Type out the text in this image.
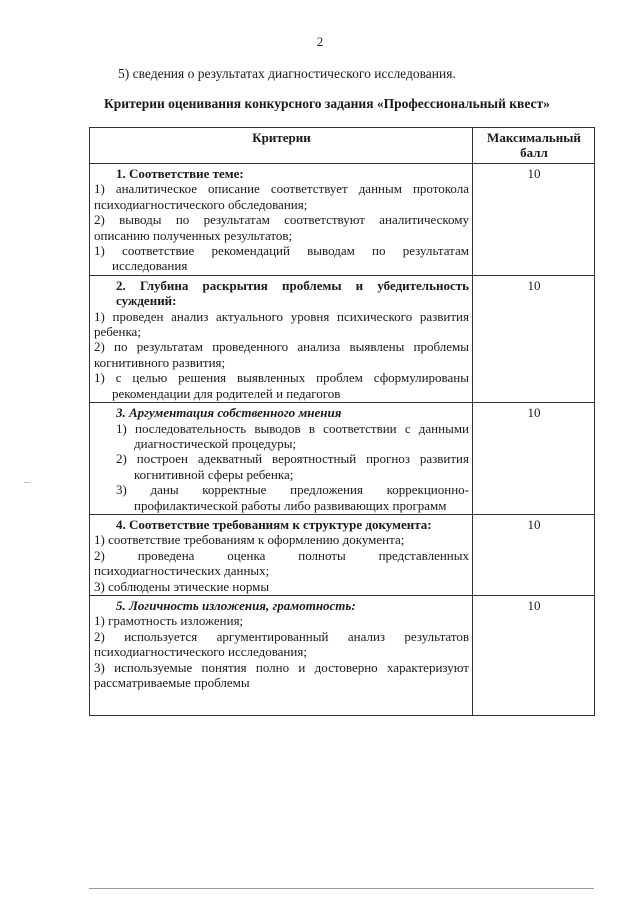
2
5) сведения о результатах диагностического исследования.
Критерии оценивания конкурсного задания «Профессиональный квест»
Критерии	Максимальный
балл

1. Соответствие теме:
1) аналитическое описание соответствует данным протокола психодиагностического обследования;
2) выводы по результатам соответствуют аналитическому описанию полученных результатов;
1) соответствие рекомендаций выводам по результатам исследования	10

2. Глубина раскрытия проблемы и убедительность суждений:
1) проведен анализ актуального уровня психического развития ребенка;
2) по результатам проведенного анализа выявлены проблемы когнитивного развития;
1) с целью решения выявленных проблем сформулированы рекомендации для родителей и педагогов	10

3. Аргументация собственного мнения
1) последовательность выводов в соответствии с данными диагностической процедуры;
2) построен адекватный вероятностный прогноз развития когнитивной сферы ребенка;
3) даны корректные предложения коррекционно-профилактической работы либо развивающих программ	10

4. Соответствие требованиям к структуре документа:
1) соответствие требованиям к оформлению документа;
2) проведена оценка полноты представленных психодиагностических данных;
3) соблюдены этические нормы	10

5. Логичность изложения, грамотность:
1) грамотность изложения;
2) используется аргументированный анализ результатов психодиагностического исследования;
3) используемые понятия полно и достоверно характеризуют рассматриваемые проблемы	10
